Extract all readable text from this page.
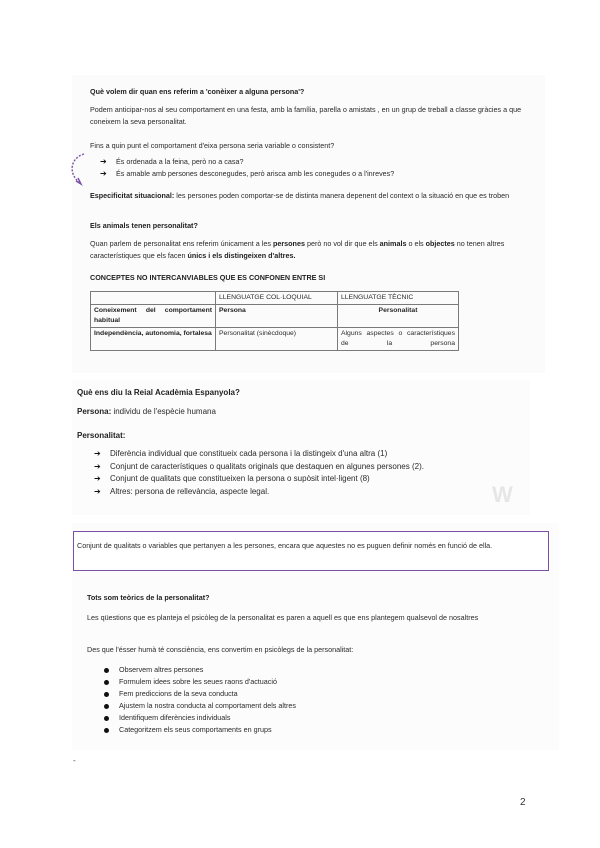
Què volem dir quan ens referim a 'conèixer a alguna persona'?
Podem anticipar-nos al seu comportament en una festa, amb la família, parella o amistats , en un grup de treball a classe gràcies a que coneixem la seva personalitat.
Fins a quin punt el comportament d'eixa persona seria variable o consistent?
➔	És ordenada a la feina, però no a casa?
➔	És amable amb persones desconegudes, però arisca amb les conegudes o a l'inreves?
Especificitat situacional: les persones poden comportar-se de distinta manera depenent del context o la situació en que es troben
Els animals tenen personalitat?
Quan parlem de personalitat ens referim únicament a les persones però no vol dir que els animals o els objectes no tenen altres característiques que els facen únics i els distingeixen d'altres.
CONCEPTES NO INTERCANVIABLES QUE ES CONFONEN ENTRE SI
	LLENGUATGE COL·LOQUIAL	LLENGUATGE TÈCNIC
Coneixement del comportament habitual	Persona	Personalitat
Independència, autonomia, fortalesa	Personalitat (sinècdoque)	Alguns aspectes o característiques de la persona
Què ens diu la Reial Acadèmia Espanyola?
Persona: individu de l'espècie humana
Personalitat:
➔	Diferència individual que constitueix cada persona i la distingeix d'una altra (1)
➔	Conjunt de característiques o qualitats originals que destaquen en algunes persones (2).
➔	Conjunt de qualitats que constitueixen la persona o supòsit intel·ligent (8)
➔	Altres: persona de rellevància, aspecte legal.	W
Conjunt de qualitats o variables que pertanyen a les persones, encara que aquestes no es puguen definir només en funció de ella.
Tots som teòrics de la personalitat?
Les qüestions que es planteja el psicòleg de la personalitat es paren a aquell es que ens plantegem qualsevol de nosaltres
Des que l'ésser humà té consciència, ens convertim en psicòlegs de la personalitat:
Observem altres persones
Formulem idees sobre les seues raons d'actuació
Fem prediccions de la seva conducta
Ajustem la nostra conducta al comportament dels altres
Identifiquem diferències individuals
Categoritzem els seus comportaments en grups
-
2
